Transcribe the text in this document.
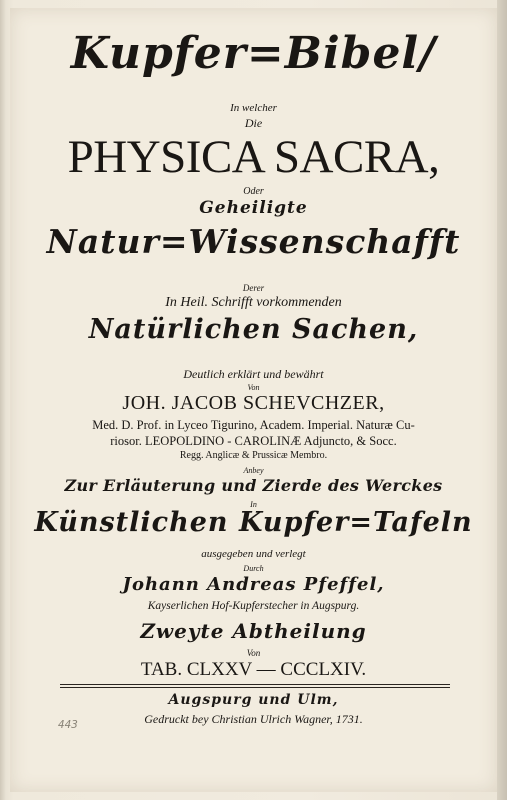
Kupfer=Bibel/
In welcher
Die
PHYSICA SACRA,
Oder
Geheiligte
Natur=Wissenschafft
Derer
In Heil. Schrifft vorkommenden
Natürlichen Sachen,
Deutlich erklärt und bewährt
Von
JOH. JACOB SCHEVCHZER,
Med. D. Prof. in Lyceo Tigurino, Academ. Imperial. Naturæ Cu-
riosor. LEOPOLDINO - CAROLINÆ Adjuncto, & Socc.
Regg. Anglicæ & Prussicæ Membro.
Anbey
Zur Erläuterung und Zierde des Werckes
In
Künstlichen Kupfer=Tafeln
ausgegeben und verlegt
Durch
Johann Andreas Pfeffel,
Kayserlichen Hof-Kupferstecher in Augspurg.
Zweyte Abtheilung
Von
TAB. CLXXV — CCCLXIV.
Augspurg und Ulm,
Gedruckt bey Christian Ulrich Wagner, 1731.
443
